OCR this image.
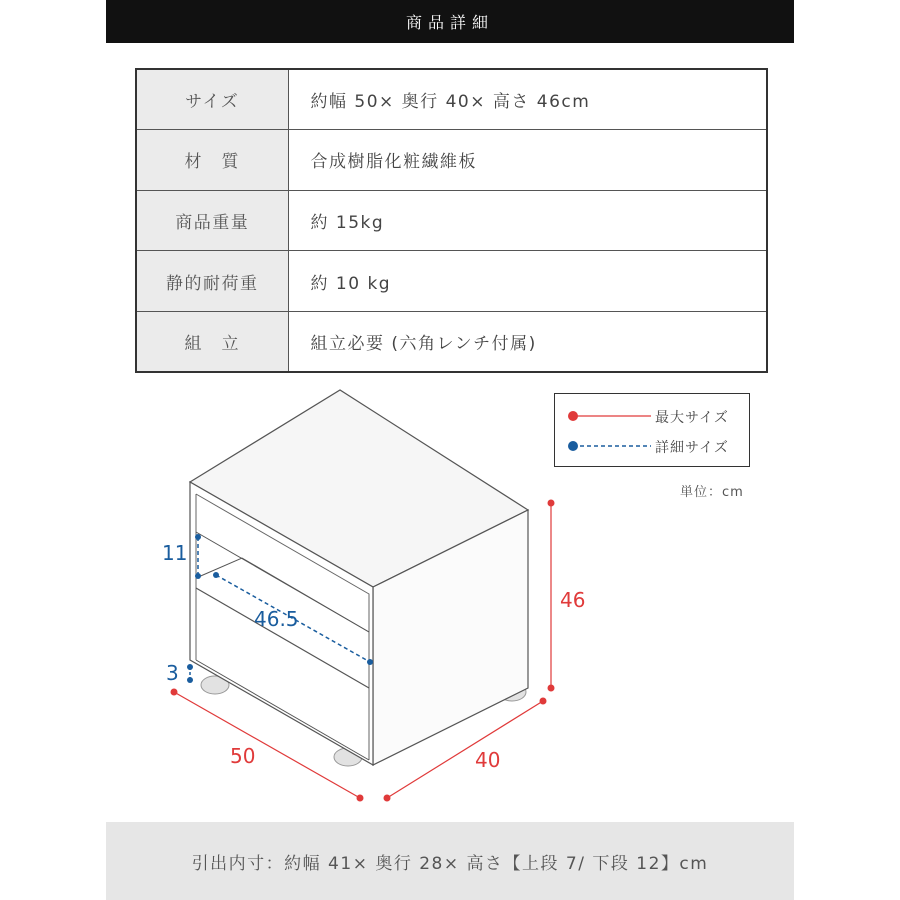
商品詳細
サイズ	約幅 50× 奥行 40× 高さ 46cm
材　質	合成樹脂化粧繊維板
商品重量	約 15kg
静的耐荷重	約 10 kg
組　立	組立必要 (六角レンチ付属)
46
50	40
11
46.5
3
最大サイズ
詳細サイズ
単位：cm
引出内寸：約幅 41× 奥行 28× 高さ【上段 7/ 下段 12】cm
